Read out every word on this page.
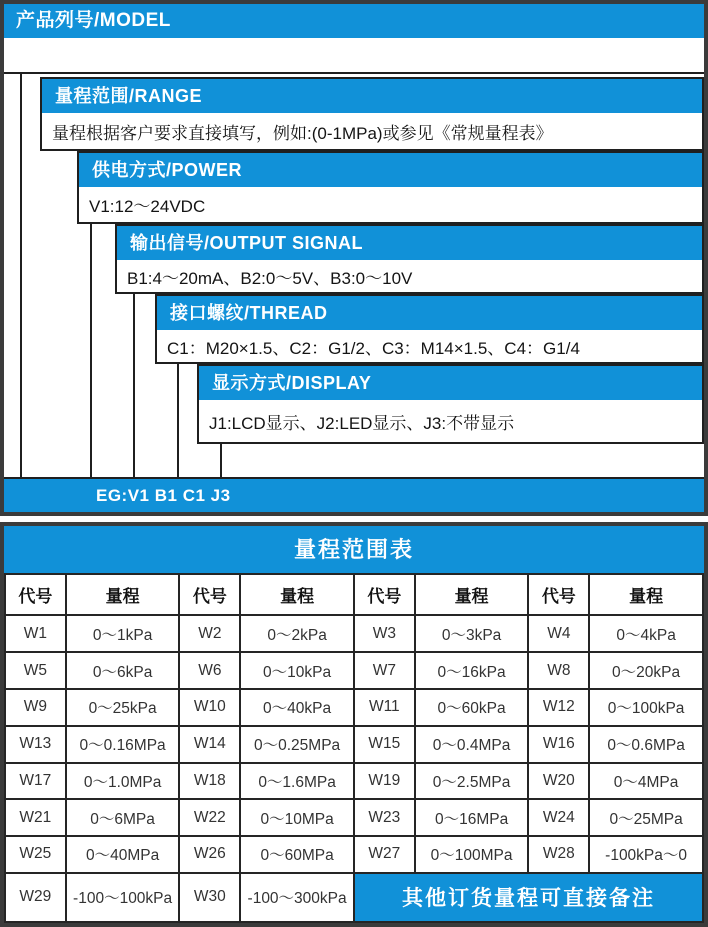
产品列号/MODEL
量程范围/RANGE
量程根据客户要求直接填写，例如:(0-1MPa)或参见《常规量程表》
供电方式/POWER
V1:12～24VDC
输出信号/OUTPUT SIGNAL
B1:4～20mA、B2:0～5V、B3:0～10V
接口螺纹/THREAD
C1：M20×1.5、C2：G1/2、C3：M14×1.5、C4：G1/4
显示方式/DISPLAY
J1:LCD显示、J2:LED显示、J3:不带显示
EG:V1 B1 C1 J3
量程范围表
代号	量程	代号	量程	代号	量程	代号	量程
W1	0～1kPa	W2	0～2kPa	W3	0～3kPa	W4	0～4kPa
W5	0～6kPa	W6	0～10kPa	W7	0～16kPa	W8	0～20kPa
W9	0～25kPa	W10	0～40kPa	W11	0～60kPa	W12	0～100kPa
W13	0～0.16MPa	W14	0～0.25MPa	W15	0～0.4MPa	W16	0～0.6MPa
W17	0～1.0MPa	W18	0～1.6MPa	W19	0～2.5MPa	W20	0～4MPa
W21	0～6MPa	W22	0～10MPa	W23	0～16MPa	W24	0～25MPa
W25	0～40MPa	W26	0～60MPa	W27	0～100MPa	W28	-100kPa～0
W29	-100～100kPa	W30	-100～300kPa	其他订货量程可直接备注			
